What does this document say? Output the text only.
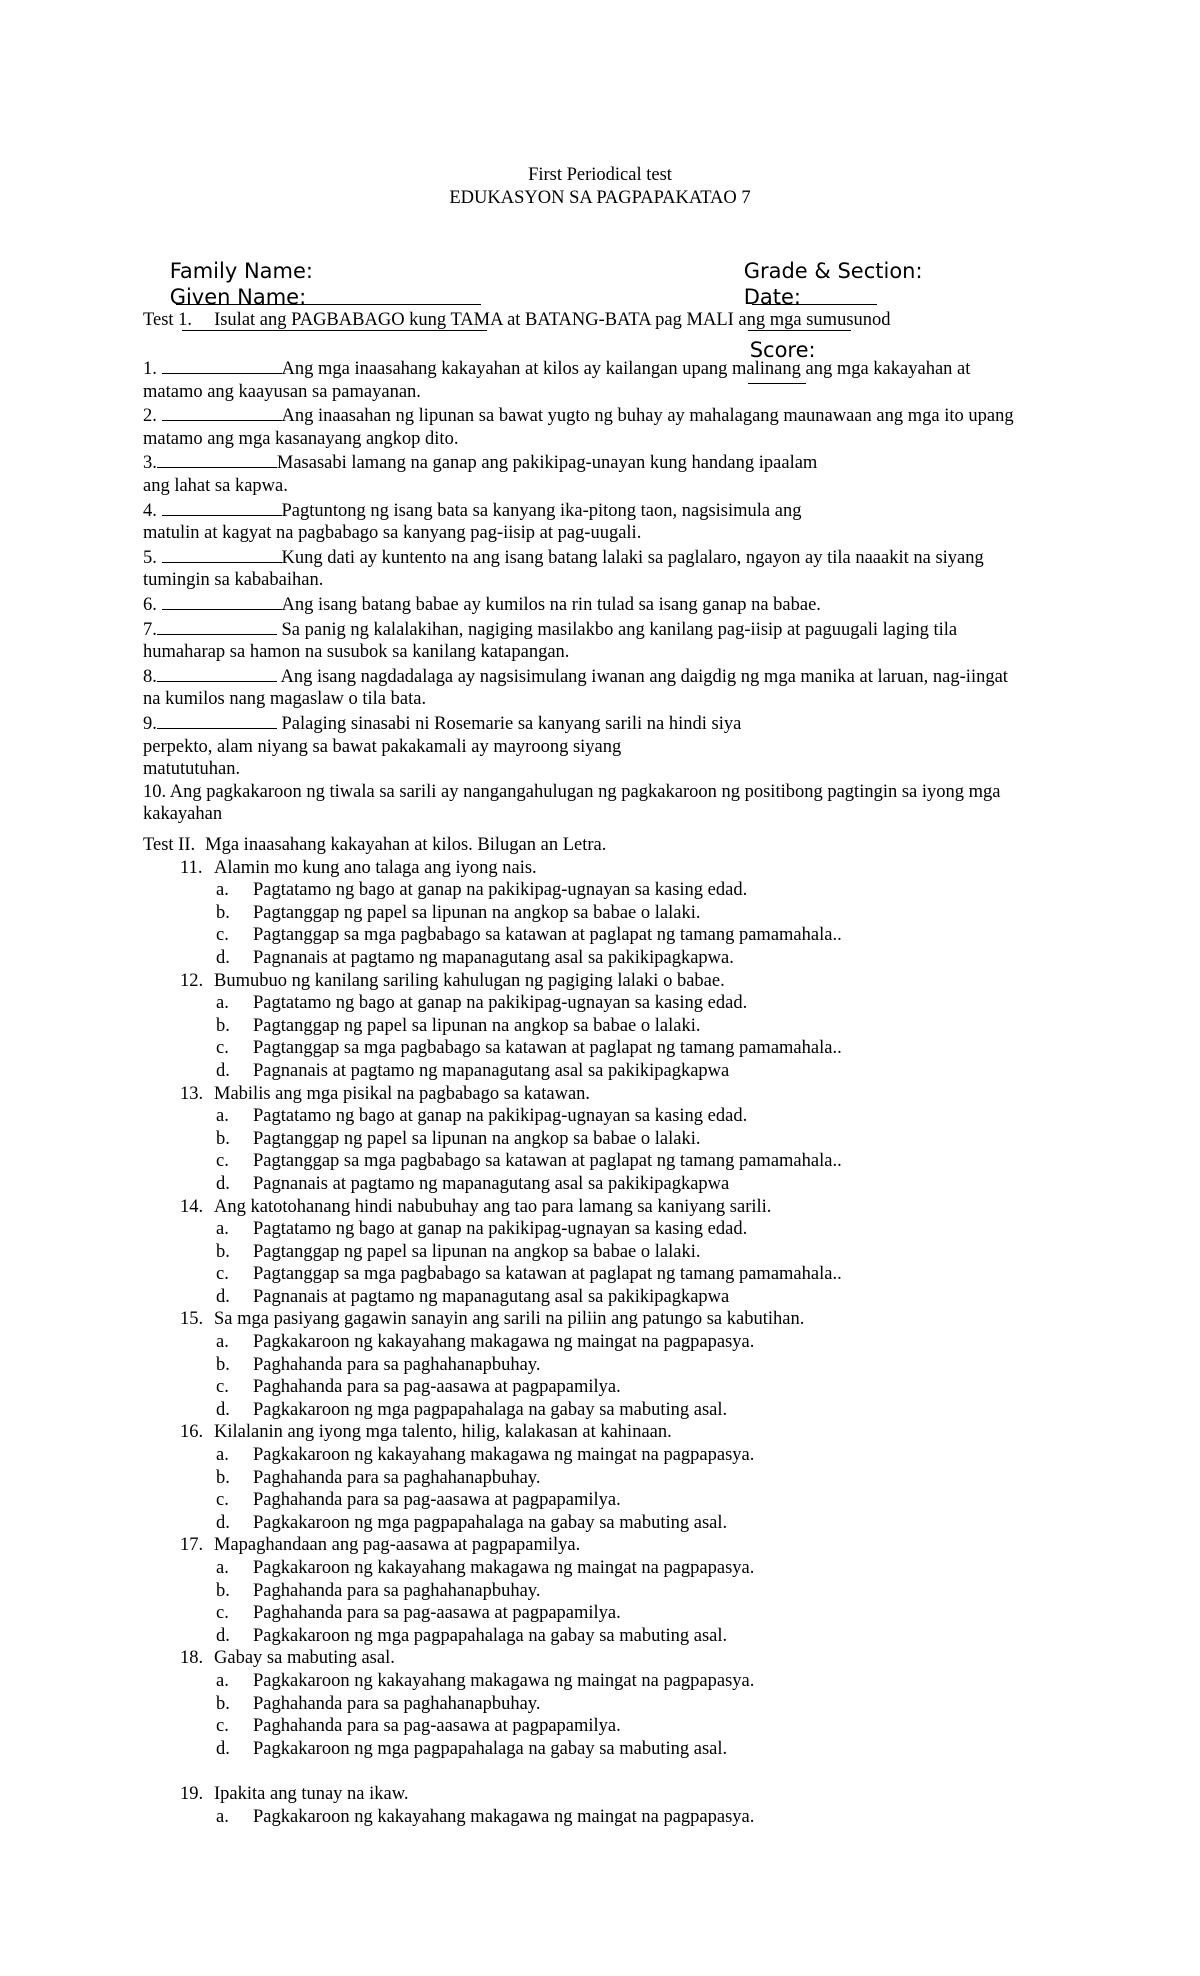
First Periodical test
EDUKASYON SA PAGPAPAKATAO 7

Family Name:

Given Name:

Grade & Section:

Date:

Score:

Test 1. Isulat ang PAGBABAGO kung TAMA at BATANG-BATA pag MALI ang mga sumusunod
1.	Ang mga inaasahang kakayahan at kilos ay kailangan upang malinang ang mga kakayahan at
matamo ang kaayusan sa pamayanan.
2.	Ang inaasahan ng lipunan sa bawat yugto ng buhay ay mahalagang maunawaan ang mga ito upang
matamo ang mga kasanayang angkop dito.
3.	Masasabi lamang na ganap ang pakikipag-unayan kung handang ipaalam
ang lahat sa kapwa.
4.	Pagtuntong ng isang bata sa kanyang ika-pitong taon, nagsisimula ang
matulin at kagyat na pagbabago sa kanyang pag-iisip at pag-uugali.
5.	Kung dati ay kuntento na ang isang batang lalaki sa paglalaro, ngayon ay tila naaakit na siyang
tumingin sa kababaihan.
6.	Ang isang batang babae ay kumilos na rin tulad sa isang ganap na babae.
7.	Sa panig ng kalalakihan, nagiging masilakbo ang kanilang pag-iisip at paguugali laging tila
humaharap sa hamon na susubok sa kanilang katapangan.
8.	Ang isang nagdadalaga ay nagsisimulang iwanan ang daigdig ng mga manika at laruan, nag-iingat
na kumilos nang magaslaw o tila bata.
9.	Palaging sinasabi ni Rosemarie sa kanyang sarili na hindi siya
perpekto, alam niyang sa bawat pakakamali ay mayroong siyang
matututuhan.
10. Ang pagkakaroon ng tiwala sa sarili ay nangangahulugan ng pagkakaroon ng positibong pagtingin sa iyong mga
kakayahan
Test II. Mga inaasahang kakayahan at kilos. Bilugan an Letra.
11. Alamin mo kung ano talaga ang iyong nais.
a. Pagtatamo ng bago at ganap na pakikipag-ugnayan sa kasing edad.
b. Pagtanggap ng papel sa lipunan na angkop sa babae o lalaki.
c. Pagtanggap sa mga pagbabago sa katawan at paglapat ng tamang pamamahala..
d. Pagnanais at pagtamo ng mapanagutang asal sa pakikipagkapwa.
12. Bumubuo ng kanilang sariling kahulugan ng pagiging lalaki o babae.
a. Pagtatamo ng bago at ganap na pakikipag-ugnayan sa kasing edad.
b. Pagtanggap ng papel sa lipunan na angkop sa babae o lalaki.
c. Pagtanggap sa mga pagbabago sa katawan at paglapat ng tamang pamamahala..
d. Pagnanais at pagtamo ng mapanagutang asal sa pakikipagkapwa
13. Mabilis ang mga pisikal na pagbabago sa katawan.
a. Pagtatamo ng bago at ganap na pakikipag-ugnayan sa kasing edad.
b. Pagtanggap ng papel sa lipunan na angkop sa babae o lalaki.
c. Pagtanggap sa mga pagbabago sa katawan at paglapat ng tamang pamamahala..
d. Pagnanais at pagtamo ng mapanagutang asal sa pakikipagkapwa
14. Ang katotohanang hindi nabubuhay ang tao para lamang sa kaniyang sarili.
a. Pagtatamo ng bago at ganap na pakikipag-ugnayan sa kasing edad.
b. Pagtanggap ng papel sa lipunan na angkop sa babae o lalaki.
c. Pagtanggap sa mga pagbabago sa katawan at paglapat ng tamang pamamahala..
d. Pagnanais at pagtamo ng mapanagutang asal sa pakikipagkapwa
15. Sa mga pasiyang gagawin sanayin ang sarili na piliin ang patungo sa kabutihan.
a. Pagkakaroon ng kakayahang makagawa ng maingat na pagpapasya.
b. Paghahanda para sa paghahanapbuhay.
c. Paghahanda para sa pag-aasawa at pagpapamilya.
d. Pagkakaroon ng mga pagpapahalaga na gabay sa mabuting asal.
16. Kilalanin ang iyong mga talento, hilig, kalakasan at kahinaan.
a. Pagkakaroon ng kakayahang makagawa ng maingat na pagpapasya.
b. Paghahanda para sa paghahanapbuhay.
c. Paghahanda para sa pag-aasawa at pagpapamilya.
d. Pagkakaroon ng mga pagpapahalaga na gabay sa mabuting asal.
17. Mapaghandaan ang pag-aasawa at pagpapamilya.
a. Pagkakaroon ng kakayahang makagawa ng maingat na pagpapasya.
b. Paghahanda para sa paghahanapbuhay.
c. Paghahanda para sa pag-aasawa at pagpapamilya.
d. Pagkakaroon ng mga pagpapahalaga na gabay sa mabuting asal.
18. Gabay sa mabuting asal.
a. Pagkakaroon ng kakayahang makagawa ng maingat na pagpapasya.
b. Paghahanda para sa paghahanapbuhay.
c. Paghahanda para sa pag-aasawa at pagpapamilya.
d. Pagkakaroon ng mga pagpapahalaga na gabay sa mabuting asal.
19. Ipakita ang tunay na ikaw.
a. Pagkakaroon ng kakayahang makagawa ng maingat na pagpapasya.
